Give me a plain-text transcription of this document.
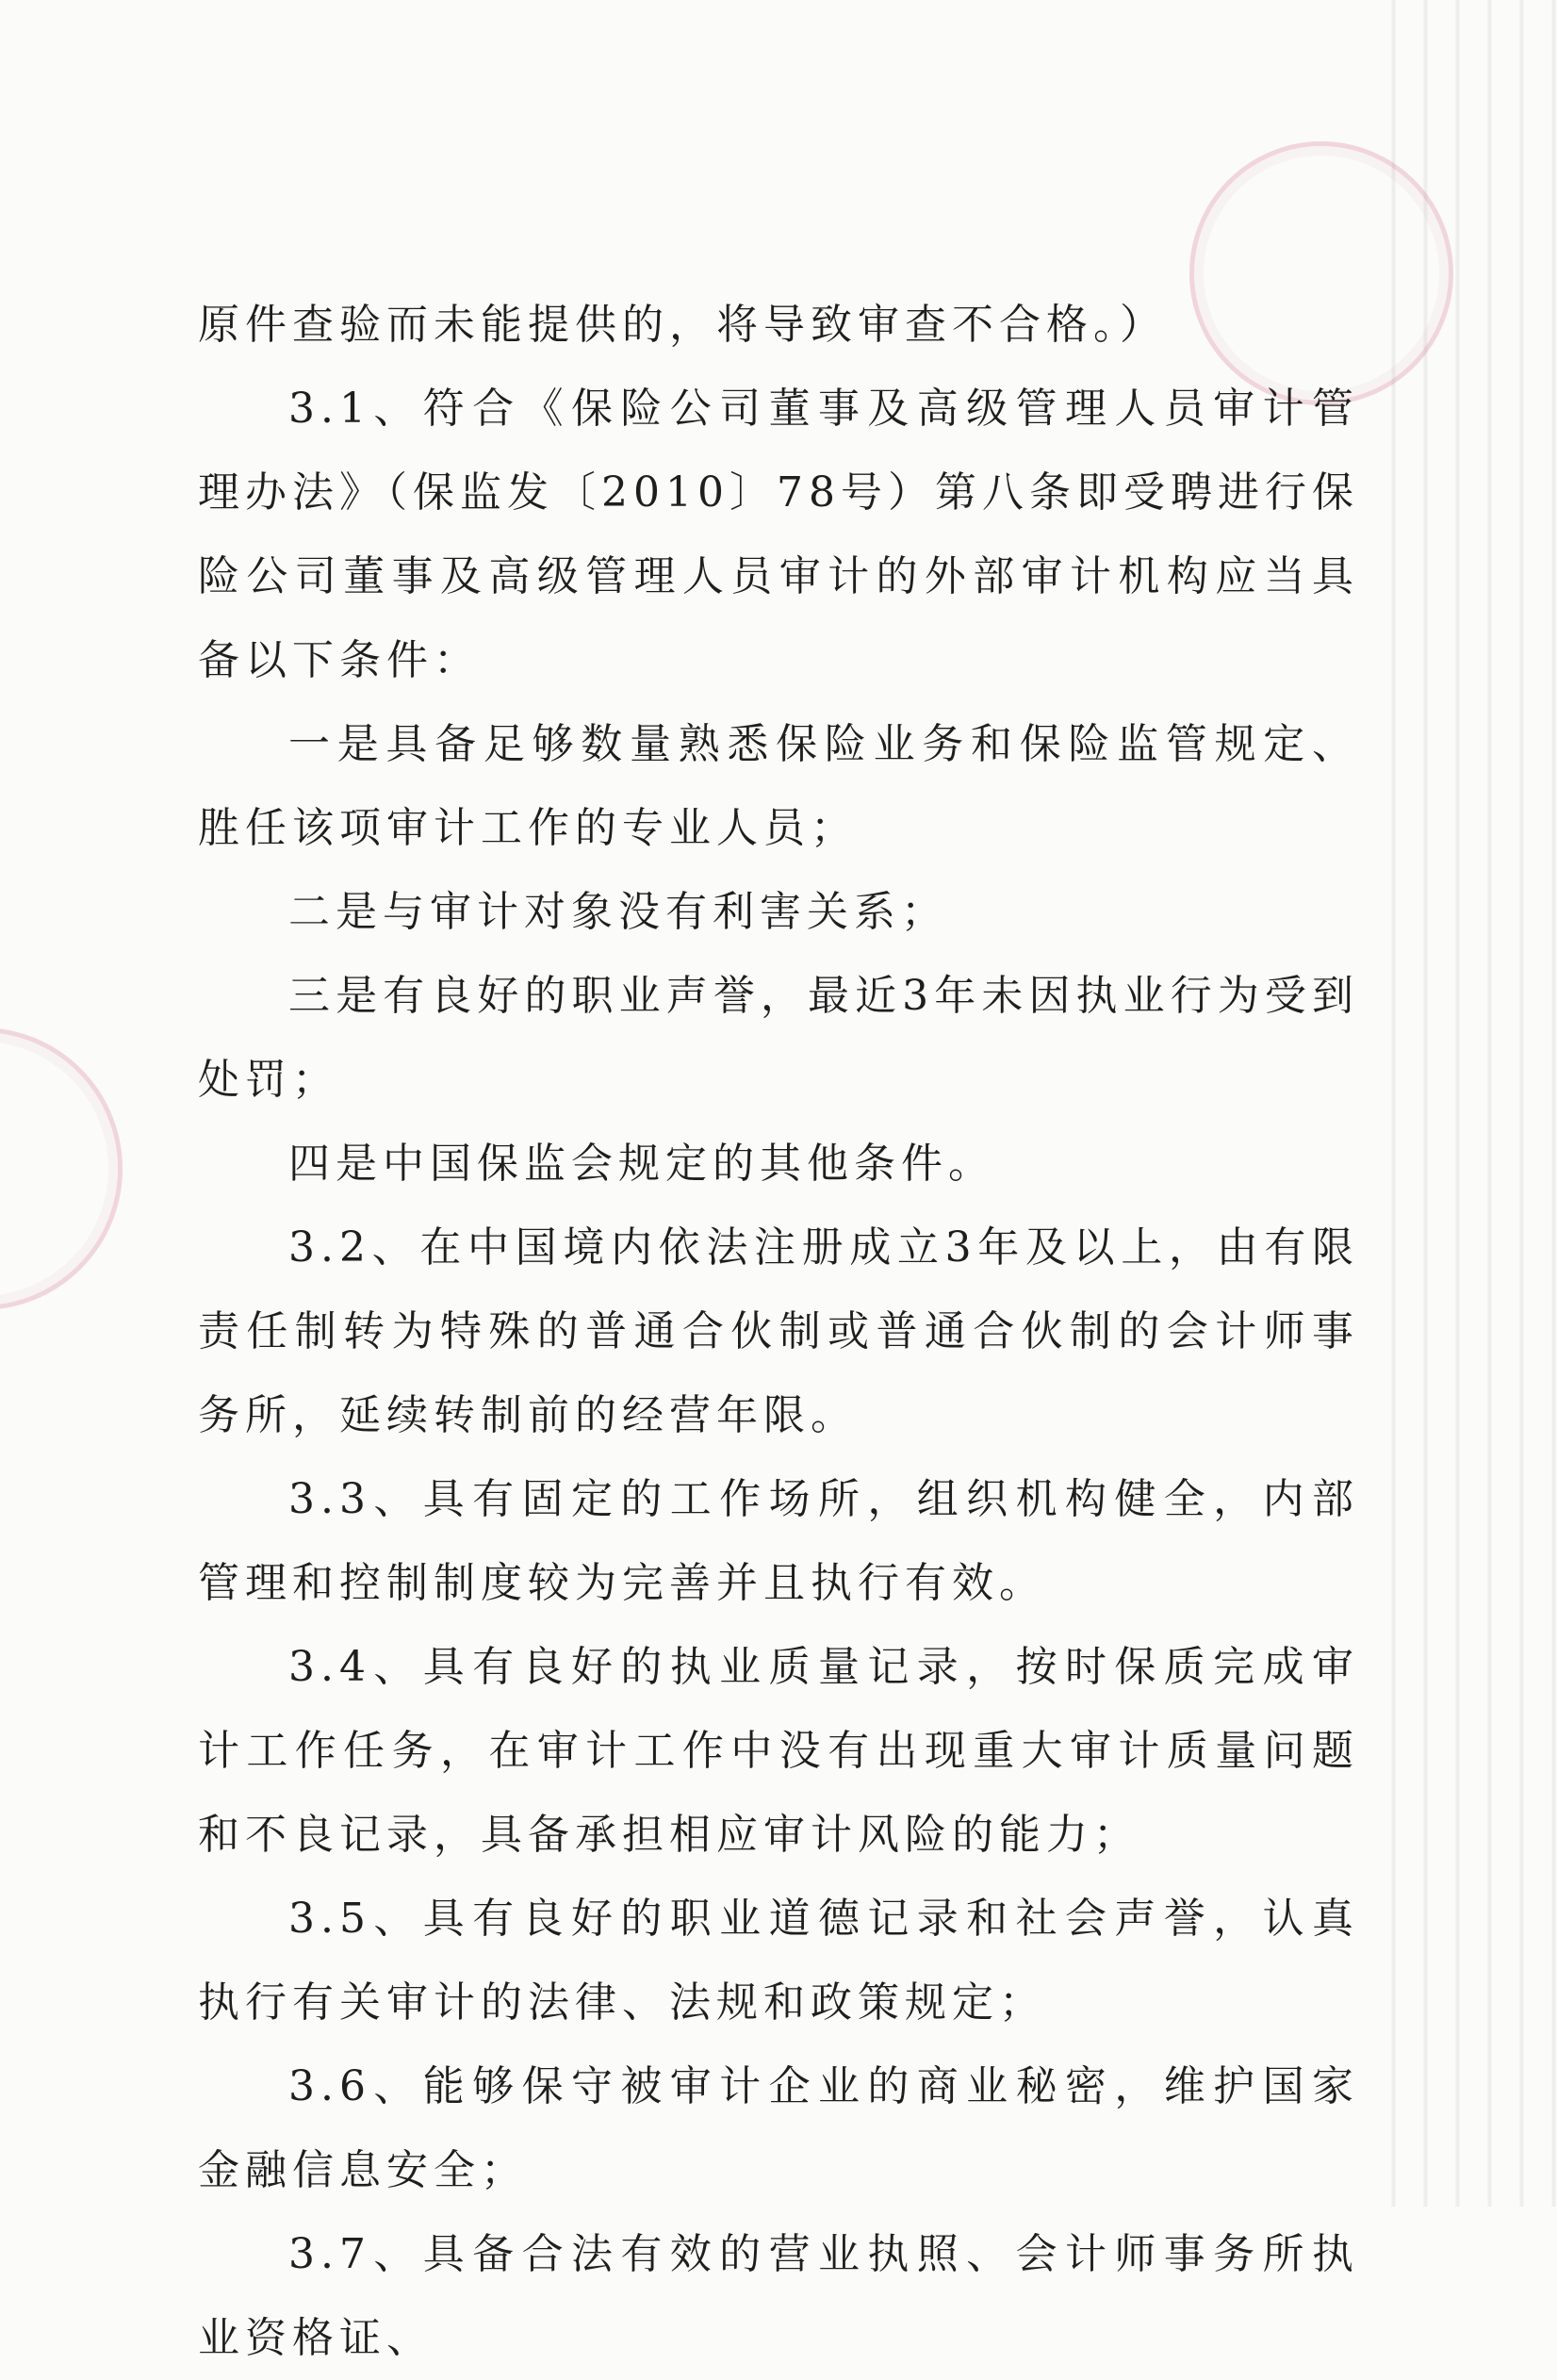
原件查验而未能提供的，将导致审查不合格。）

3.1、符合《保险公司董事及高级管理人员审计管理办法》（保监发〔2010〕78号）第八条即受聘进行保险公司董事及高级管理人员审计的外部审计机构应当具备以下条件：

一是具备足够数量熟悉保险业务和保险监管规定、胜任该项审计工作的专业人员；

二是与审计对象没有利害关系；

三是有良好的职业声誉，最近3年未因执业行为受到处罚；

四是中国保监会规定的其他条件。

3.2、在中国境内依法注册成立3年及以上，由有限责任制转为特殊的普通合伙制或普通合伙制的会计师事务所，延续转制前的经营年限。

3.3、具有固定的工作场所，组织机构健全，内部管理和控制制度较为完善并且执行有效。

3.4、具有良好的执业质量记录，按时保质完成审计工作任务，在审计工作中没有出现重大审计质量问题和不良记录，具备承担相应审计风险的能力；

3.5、具有良好的职业道德记录和社会声誉，认真执行有关审计的法律、法规和政策规定；

3.6、能够保守被审计企业的商业秘密，维护国家金融信息安全；

3.7、具备合法有效的营业执照、会计师事务所执业资格证、
